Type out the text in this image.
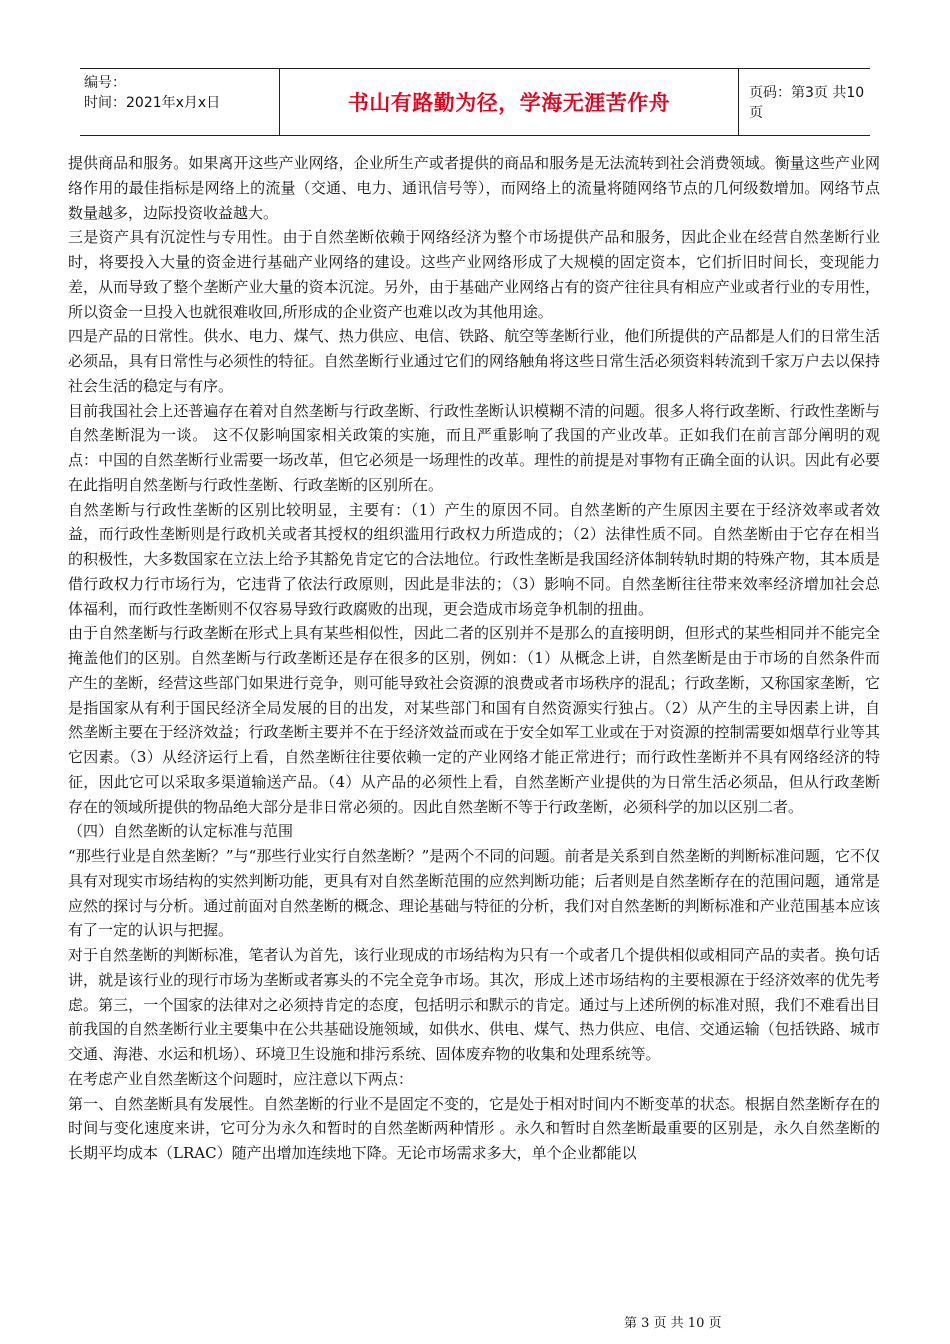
编号：
时间：2021年x月x日	书山有路勤为径，学海无涯苦作舟	页码：第3页 共10页

提供商品和服务。如果离开这些产业网络，企业所生产或者提供的商品和服务是无法流转到社会消费领域。衡量这些产业网络作用的最佳指标是网络上的流量（交通、电力、通讯信号等），而网络上的流量将随网络节点的几何级数增加。网络节点数量越多，边际投资收益越大。

三是资产具有沉淀性与专用性。由于自然垄断依赖于网络经济为整个市场提供产品和服务，因此企业在经营自然垄断行业时，将要投入大量的资金进行基础产业网络的建设。这些产业网络形成了大规模的固定资本，它们折旧时间长，变现能力差，从而导致了整个垄断产业大量的资本沉淀。另外，由于基础产业网络占有的资产往往具有相应产业或者行业的专用性，所以资金一旦投入也就很难收回,所形成的企业资产也难以改为其他用途。

四是产品的日常性。供水、电力、煤气、热力供应、电信、铁路、航空等垄断行业，他们所提供的产品都是人们的日常生活必须品，具有日常性与必须性的特征。自然垄断行业通过它们的网络触角将这些日常生活必须资料转流到千家万户去以保持社会生活的稳定与有序。

目前我国社会上还普遍存在着对自然垄断与行政垄断、行政性垄断认识模糊不清的问题。很多人将行政垄断、行政性垄断与自然垄断混为一谈。 这不仅影响国家相关政策的实施，而且严重影响了我国的产业改革。正如我们在前言部分阐明的观点：中国的自然垄断行业需要一场改革，但它必须是一场理性的改革。理性的前提是对事物有正确全面的认识。因此有必要在此指明自然垄断与行政性垄断、行政垄断的区别所在。

自然垄断与行政性垄断的区别比较明显，主要有：（1）产生的原因不同。自然垄断的产生原因主要在于经济效率或者效益，而行政性垄断则是行政机关或者其授权的组织滥用行政权力所造成的；（2）法律性质不同。自然垄断由于它存在相当的积极性，大多数国家在立法上给予其豁免肯定它的合法地位。行政性垄断是我国经济体制转轨时期的特殊产物，其本质是借行政权力行市场行为，它违背了依法行政原则，因此是非法的；（3）影响不同。自然垄断往往带来效率经济增加社会总体福利，而行政性垄断则不仅容易导致行政腐败的出现，更会造成市场竞争机制的扭曲。

由于自然垄断与行政垄断在形式上具有某些相似性，因此二者的区别并不是那么的直接明朗，但形式的某些相同并不能完全掩盖他们的区别。自然垄断与行政垄断还是存在很多的区别，例如：（1）从概念上讲，自然垄断是由于市场的自然条件而产生的垄断，经营这些部门如果进行竞争，则可能导致社会资源的浪费或者市场秩序的混乱；行政垄断，又称国家垄断，它是指国家从有利于国民经济全局发展的目的出发，对某些部门和国有自然资源实行独占。（2）从产生的主导因素上讲，自然垄断主要在于经济效益；行政垄断主要并不在于经济效益而或在于安全如军工业或在于对资源的控制需要如烟草行业等其它因素。（3）从经济运行上看，自然垄断往往要依赖一定的产业网络才能正常进行；而行政性垄断并不具有网络经济的特征，因此它可以采取多渠道输送产品。（4）从产品的必须性上看，自然垄断产业提供的为日常生活必须品，但从行政垄断存在的领域所提供的物品绝大部分是非日常必须的。因此自然垄断不等于行政垄断，必须科学的加以区别二者。

（四）自然垄断的认定标准与范围

“那些行业是自然垄断？”与“那些行业实行自然垄断？”是两个不同的问题。前者是关系到自然垄断的判断标准问题，它不仅具有对现实市场结构的实然判断功能，更具有对自然垄断范围的应然判断功能；后者则是自然垄断存在的范围问题，通常是应然的探讨与分析。通过前面对自然垄断的概念、理论基础与特征的分析，我们对自然垄断的判断标准和产业范围基本应该有了一定的认识与把握。

对于自然垄断的判断标准，笔者认为首先，该行业现成的市场结构为只有一个或者几个提供相似或相同产品的卖者。换句话讲，就是该行业的现行市场为垄断或者寡头的不完全竞争市场。其次，形成上述市场结构的主要根源在于经济效率的优先考虑。第三，一个国家的法律对之必须持肯定的态度，包括明示和默示的肯定。通过与上述所例的标准对照，我们不难看出目前我国的自然垄断行业主要集中在公共基础设施领域，如供水、供电、煤气、热力供应、电信、交通运输（包括铁路、城市交通、海港、水运和机场）、环境卫生设施和排污系统、固体废弃物的收集和处理系统等。

在考虑产业自然垄断这个问题时，应注意以下两点：

第一、自然垄断具有发展性。自然垄断的行业不是固定不变的，它是处于相对时间内不断变革的状态。根据自然垄断存在的时间与变化速度来讲，它可分为永久和暂时的自然垄断两种情形 。永久和暂时自然垄断最重要的区别是，永久自然垄断的长期平均成本（LRAC）随产出增加连续地下降。无论市场需求多大，单个企业都能以

第 3 页 共 10 页
